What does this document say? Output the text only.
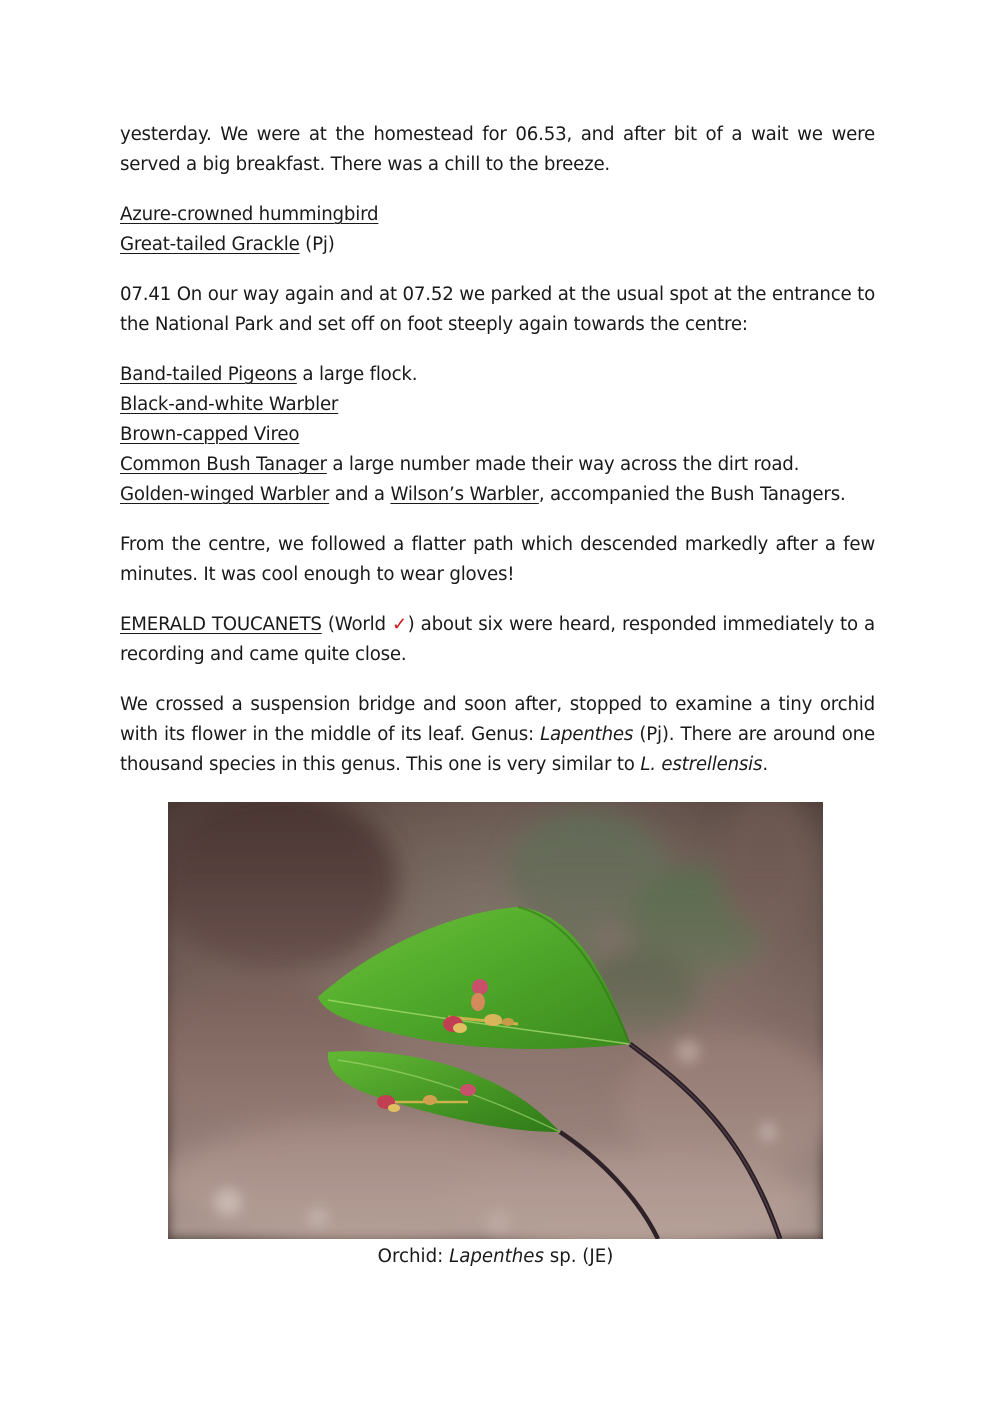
yesterday. We were at the homestead for 06.53, and after bit of a wait we were served a big breakfast. There was a chill to the breeze.

Azure-crowned hummingbird
Great-tailed Grackle (Pj)

07.41 On our way again and at 07.52 we parked at the usual spot at the entrance to the National Park and set off on foot steeply again towards the centre:

Band-tailed Pigeons a large flock.
Black-and-white Warbler
Brown-capped Vireo
Common Bush Tanager a large number made their way across the dirt road.
Golden-winged Warbler and a Wilson’s Warbler, accompanied the Bush Tanagers.

From the centre, we followed a flatter path which descended markedly after a few minutes. It was cool enough to wear gloves!

EMERALD TOUCANETS (World ✓) about six were heard, responded immediately to a recording and came quite close.

We crossed a suspension bridge and soon after, stopped to examine a tiny orchid with its flower in the middle of its leaf. Genus: Lapenthes (Pj). There are around one thousand species in this genus. This one is very similar to L. estrellensis.

Orchid: Lapenthes sp. (JE)
